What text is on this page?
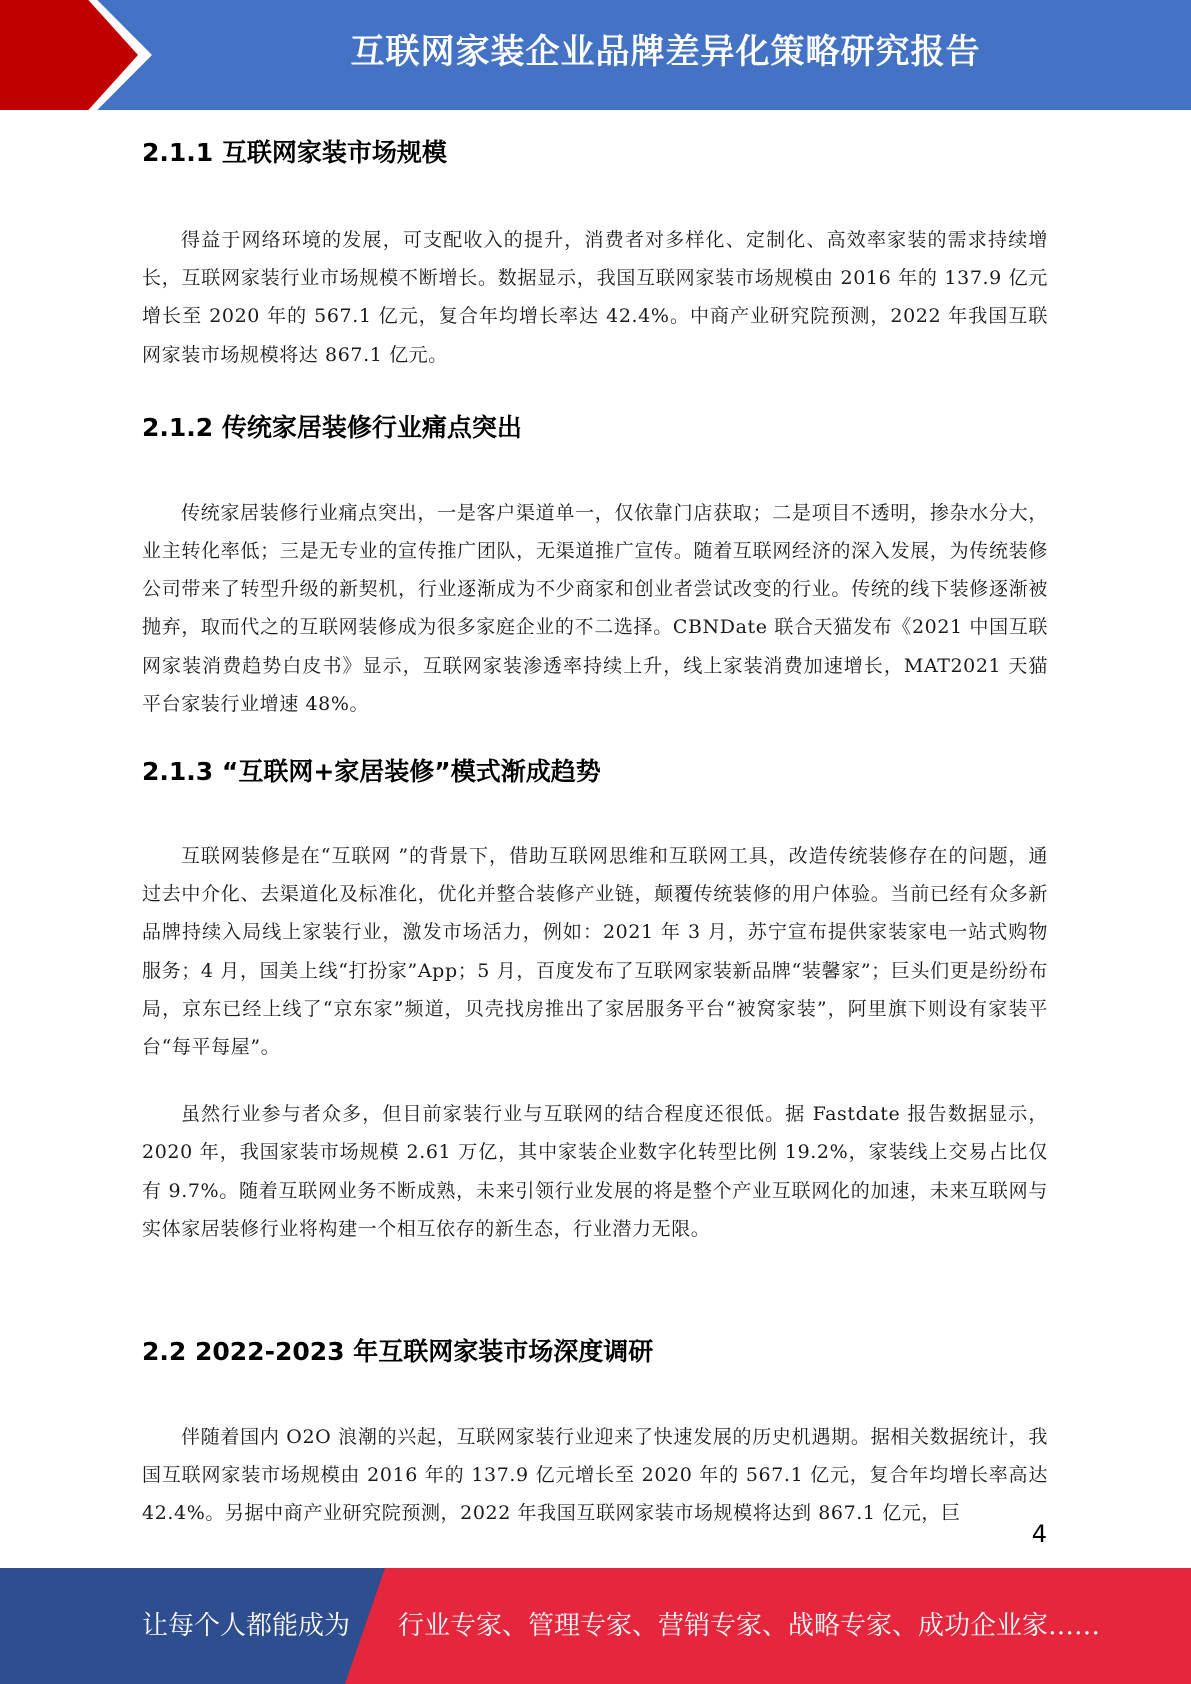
互联网家装企业品牌差异化策略研究报告
2.1.1 互联网家装市场规模

得益于网络环境的发展，可支配收入的提升，消费者对多样化、定制化、高效率家装的需求持续增长，互联网家装行业市场规模不断增长。数据显示，我国互联网家装市场规模由 2016 年的 137.9 亿元增长至 2020 年的 567.1 亿元，复合年均增长率达 42.4%。中商产业研究院预测，2022 年我国互联网家装市场规模将达 867.1 亿元。

2.1.2 传统家居装修行业痛点突出

传统家居装修行业痛点突出，一是客户渠道单一，仅依靠门店获取；二是项目不透明，掺杂水分大，业主转化率低；三是无专业的宣传推广团队，无渠道推广宣传。随着互联网经济的深入发展，为传统装修公司带来了转型升级的新契机，行业逐渐成为不少商家和创业者尝试改变的行业。传统的线下装修逐渐被抛弃，取而代之的互联网装修成为很多家庭企业的不二选择。CBNDate 联合天猫发布《2021 中国互联网家装消费趋势白皮书》显示，互联网家装渗透率持续上升，线上家装消费加速增长，MAT2021 天猫平台家装行业增速 48%。

2.1.3 “互联网+家居装修”模式渐成趋势

互联网装修是在“互联网 ”的背景下，借助互联网思维和互联网工具，改造传统装修存在的问题，通过去中介化、去渠道化及标准化，优化并整合装修产业链，颠覆传统装修的用户体验。当前已经有众多新品牌持续入局线上家装行业，激发市场活力，例如：2021 年 3 月，苏宁宣布提供家装家电一站式购物服务；4 月，国美上线“打扮家”App；5 月，百度发布了互联网家装新品牌“装馨家”；巨头们更是纷纷布局，京东已经上线了“京东家”频道，贝壳找房推出了家居服务平台“被窝家装”，阿里旗下则设有家装平台“每平每屋”。

虽然行业参与者众多，但目前家装行业与互联网的结合程度还很低。据 Fastdate 报告数据显示，2020 年，我国家装市场规模 2.61 万亿，其中家装企业数字化转型比例 19.2%，家装线上交易占比仅有 9.7%。随着互联网业务不断成熟，未来引领行业发展的将是整个产业互联网化的加速，未来互联网与实体家居装修行业将构建一个相互依存的新生态，行业潜力无限。

2.2 2022-2023 年互联网家装市场深度调研

伴随着国内 O2O 浪潮的兴起，互联网家装行业迎来了快速发展的历史机遇期。据相关数据统计，我国互联网家装市场规模由 2016 年的 137.9 亿元增长至 2020 年的 567.1 亿元，复合年均增长率高达 42.4%。另据中商产业研究院预测，2022 年我国互联网家装市场规模将达到 867.1 亿元，巨

4
让每个人都能成为 行业专家、管理专家、营销专家、战略专家、成功企业家……
